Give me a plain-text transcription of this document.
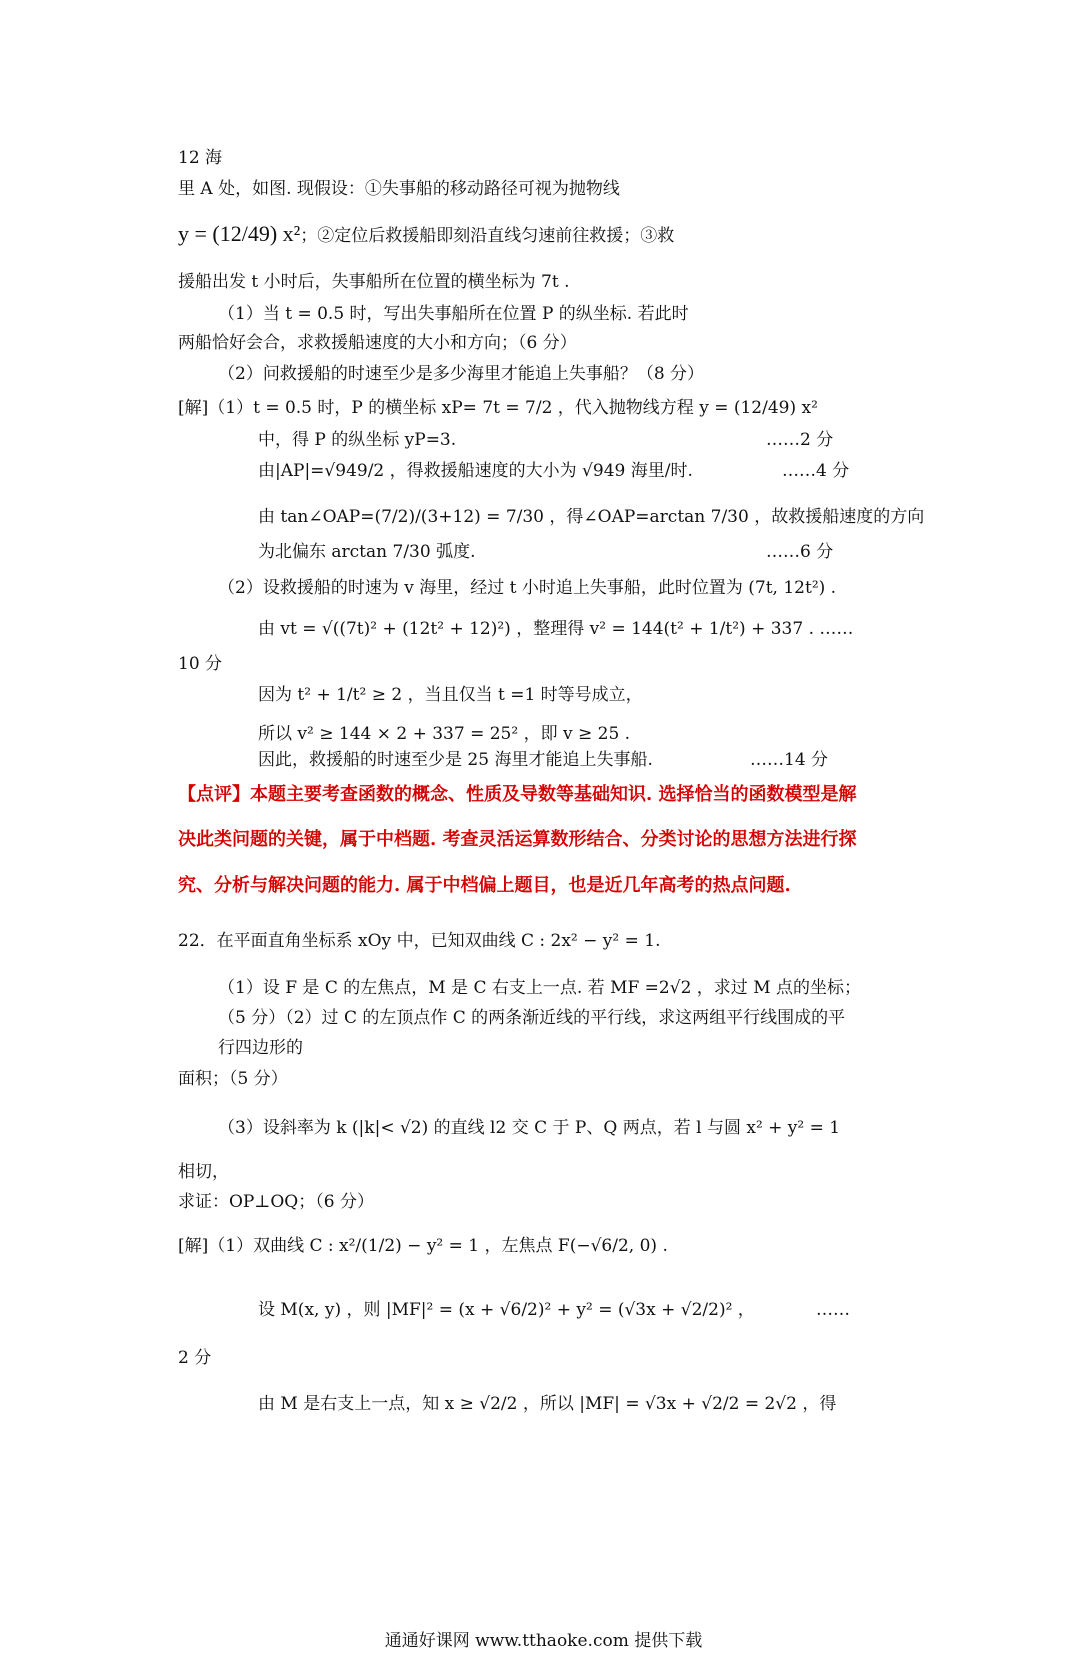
12 海
里 A 处，如图. 现假设：①失事船的移动路径可视为抛物线
y = (12/49) x²；②定位后救援船即刻沿直线匀速前往救援；③救
援船出发 t 小时后，失事船所在位置的横坐标为 7t .
（1）当 t = 0.5 时，写出失事船所在位置 P 的纵坐标. 若此时
两船恰好会合，求救援船速度的大小和方向；（6 分）
（2）问救援船的时速至少是多少海里才能追上失事船？（8 分）
[解]（1）t = 0.5 时，P 的横坐标 xP= 7t = 7/2 ，代入抛物线方程 y = (12/49) x²
中，得 P 的纵坐标 yP=3.	……2 分
由|AP|=√949/2 ，得救援船速度的大小为 √949 海里/时.	……4 分
由 tan∠OAP=(7/2)/(3+12) = 7/30 ，得∠OAP=arctan 7/30 ，故救援船速度的方向
为北偏东 arctan 7/30 弧度.	……6 分
（2）设救援船的时速为 v 海里，经过 t 小时追上失事船，此时位置为 (7t, 12t²) .
由 vt = √((7t)² + (12t² + 12)²) ，整理得 v² = 144(t² + 1/t²) + 337 . ……
10 分
因为 t² + 1/t² ≥ 2 ，当且仅当 t =1 时等号成立，
所以 v² ≥ 144 × 2 + 337 = 25² ，即 v ≥ 25 .
因此，救援船的时速至少是 25 海里才能追上失事船.	……14 分
【点评】本题主要考查函数的概念、性质及导数等基础知识. 选择恰当的函数模型是解
决此类问题的关键，属于中档题. 考查灵活运算数形结合、分类讨论的思想方法进行探
究、分析与解决问题的能力. 属于中档偏上题目，也是近几年高考的热点问题.
22．在平面直角坐标系 xOy 中，已知双曲线 C : 2x² − y² = 1.
（1）设 F 是 C 的左焦点，M 是 C 右支上一点. 若 MF =2√2 ，求过 M 点的坐标；
（5 分）（2）过 C 的左顶点作 C 的两条渐近线的平行线，求这两组平行线围成的平
行四边形的
面积；（5 分）
（3）设斜率为 k (|k|< √2) 的直线 l2 交 C 于 P、Q 两点，若 l 与圆 x² + y² = 1
相切，
求证：OP⊥OQ；（6 分）
[解]（1）双曲线 C : x²/(1/2) − y² = 1 ，左焦点 F(−√6/2, 0) .
设 M(x, y) ，则 |MF|² = (x + √6/2)² + y² = (√3x + √2/2)² ，	……
2 分
由 M 是右支上一点，知 x ≥ √2/2 ，所以 |MF| = √3x + √2/2 = 2√2 ，得
通通好课网 www.tthaoke.com 提供下载
